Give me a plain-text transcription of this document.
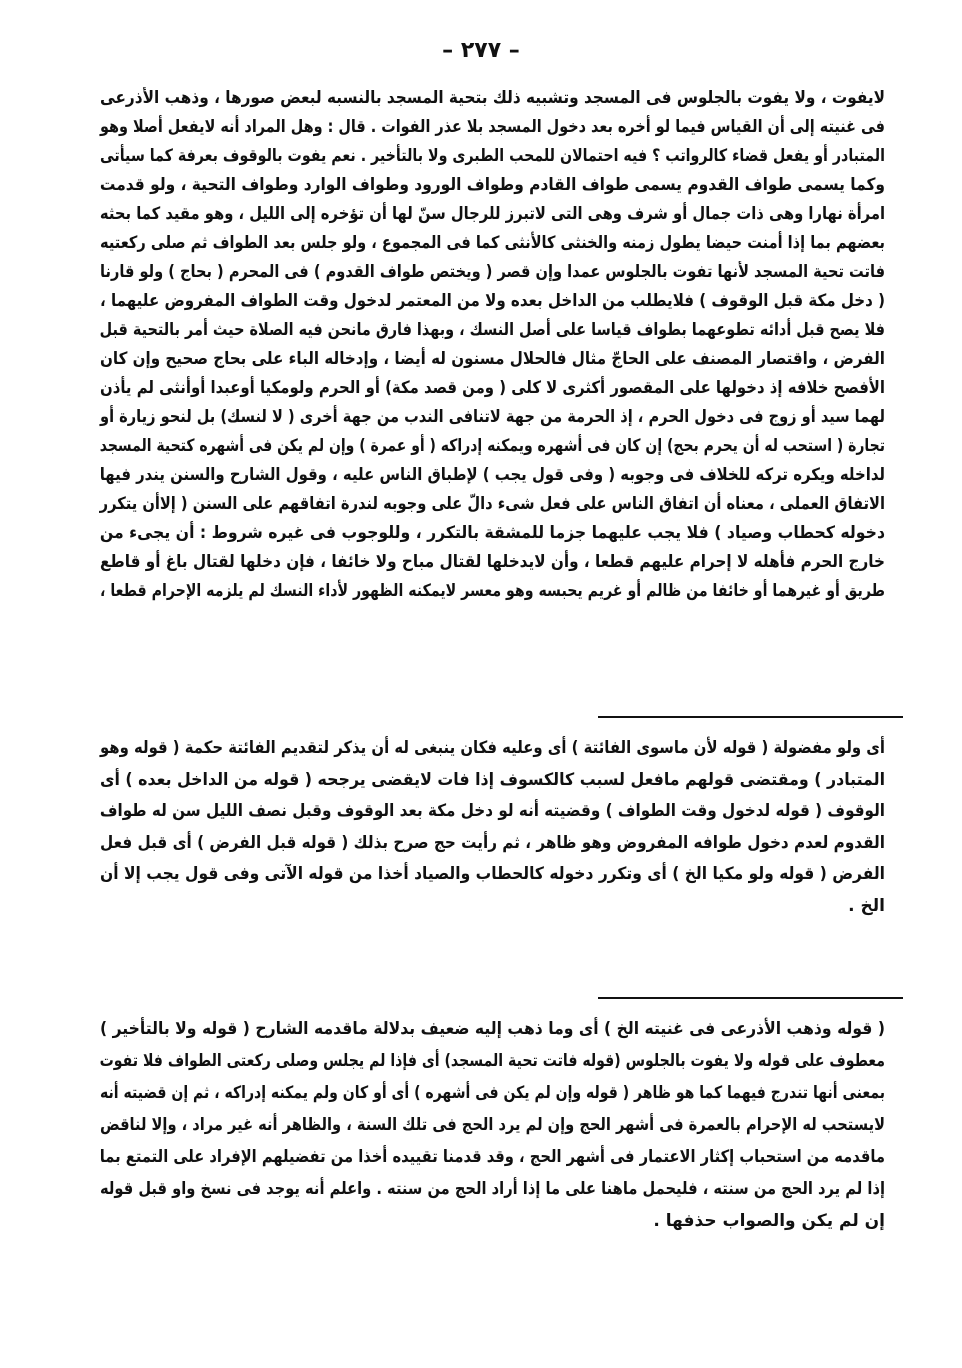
– ٢٧٧ –
لايفوت ، ولا يفوت بالجلوس فى المسجد وتشبيه ذلك بتحية المسجد بالنسبه لبعض صورها ، وذهب الأذرعى
فى غنيته إلى أن القياس فيما لو أخره بعد دخول المسجد بلا عذر الفوات . قال : وهل المراد أنه لايفعل أصلا وهو
المتبادر أو يفعل قضاء كالرواتب ؟ فيه احتمالان للمحب الطبرى ولا بالتأخير . نعم يفوت بالوقوف بعرفة كما سيأتى
وكما يسمى طواف القدوم يسمى طواف القادم وطواف الورود وطواف الوارد وطواف التحية ، ولو قدمت
امرأة نهارا وهى ذات جمال أو شرف وهى التى لاتبرز للرجال سنّ لها أن تؤخره إلى الليل ، وهو مقيد كما بحثه
بعضهم بما إذا أمنت حيضا يطول زمنه والخنثى كالأنثى كما فى المجموع ، ولو جلس بعد الطواف ثم صلى ركعتيه
فاتت تحية المسجد لأنها تفوت بالجلوس عمدا وإن قصر ( ويختص طواف القدوم ) فى المحرم ( بحاج ) ولو قارنا
( دخل مكة قبل الوقوف ) فلايطلب من الداخل بعده ولا من المعتمر لدخول وقت الطواف المفروض عليهما ،
فلا يصح قبل أدائه تطوعهما بطواف قياسا على أصل النسك ، وبهذا فارق مانحن فيه الصلاة حيث أمر بالتحية قبل
الفرض ، واقتصار المصنف على الحاجّ مثال فالحلال مسنون له أيضا ، وإدخاله الباء على بحاج صحيح وإن كان
الأفصح خلافه إذ دخولها على المقصور أكثرى لا كلى ( ومن قصد مكة) أو الحرم ولومكيا أوعبدا أوأنثى لم يأذن
لهما سيد أو زوج فى دخول الحرم ، إذ الحرمة من جهة لاتنافى الندب من جهة أخرى ( لا لنسك) بل لنحو زيارة أو
تجارة ( استحب له أن يحرم بحج) إن كان فى أشهره ويمكنه إدراكه ( أو عمرة ) وإن لم يكن فى أشهره كتحية المسجد
لداخله ويكره تركه للخلاف فى وجوبه ( وفى قول يجب ) لإطباق الناس عليه ، وقول الشارح والسنن يندر فيها
الاتفاق العملى ، معناه أن اتفاق الناس على فعل شىء دالّ على وجوبه لندرة اتفاقهم على السنن ( إلاأن يتكرر
دخوله كحطاب وصياد ) فلا يجب عليهما جزما للمشقة بالتكرر ، وللوجوب فى غيره شروط : أن يجىء من
خارج الحرم فأهله لا إحرام عليهم قطعا ، وأن لايدخلها لقتال مباح ولا خائفا ، فإن دخلها لقتال باغ أو قاطع
طريق أو غيرهما أو خائفا من ظالم أو غريم يحبسه وهو معسر لايمكنه الظهور لأداء النسك لم يلزمه الإحرام قطعا ،
أى ولو مفضولة ( قوله لأن ماسوى الفائتة ) أى وعليه فكان ينبغى له أن يذكر لتقديم الفائتة حكمة ( قوله وهو
المتبادر ) ومقتضى قولهم مافعل لسبب كالكسوف إذا فات لايقضى يرجحه ( قوله من الداخل بعده ) أى
الوقوف ( قوله لدخول وقت الطواف ) وقضيته أنه لو دخل مكة بعد الوقوف وقبل نصف الليل سن له طواف
القدوم لعدم دخول طوافه المفروض وهو ظاهر ، ثم رأيت حج صرح بذلك ( قوله قبل الفرض ) أى قبل فعل
الفرض ( قوله ولو مكيا الخ ) أى وتكرر دخوله كالحطاب والصياد أخذا من قوله الآتى وفى قول يجب إلا أن
الخ .
( قوله وذهب الأذرعى فى غنيته الخ ) أى وما ذهب إليه ضعيف بدلالة ماقدمه الشارح ( قوله ولا بالتأخير )
معطوف على قوله ولا يفوت بالجلوس (قوله فاتت تحية المسجد) أى فإذا لم يجلس وصلى ركعتى الطواف فلا تفوت
بمعنى أنها تندرج فيهما كما هو ظاهر ( قوله وإن لم يكن فى أشهره ) أى أو كان ولم يمكنه إدراكه ، ثم إن قضيته أنه
لايستحب له الإحرام بالعمرة فى أشهر الحج وإن لم يرد الحج فى تلك السنة ، والظاهر أنه غير مراد ، وإلا لناقض
ماقدمه من استحباب إكثار الاعتمار فى أشهر الحج ، وقد قدمنا تقييده أخذا من تفضيلهم الإفراد على التمتع بما
إذا لم يرد الحج من سنته ، فليحمل ماهنا على ما إذا أراد الحج من سنته . واعلم أنه يوجد فى نسخ واو قبل قوله
إن لم يكن والصواب حذفها .
